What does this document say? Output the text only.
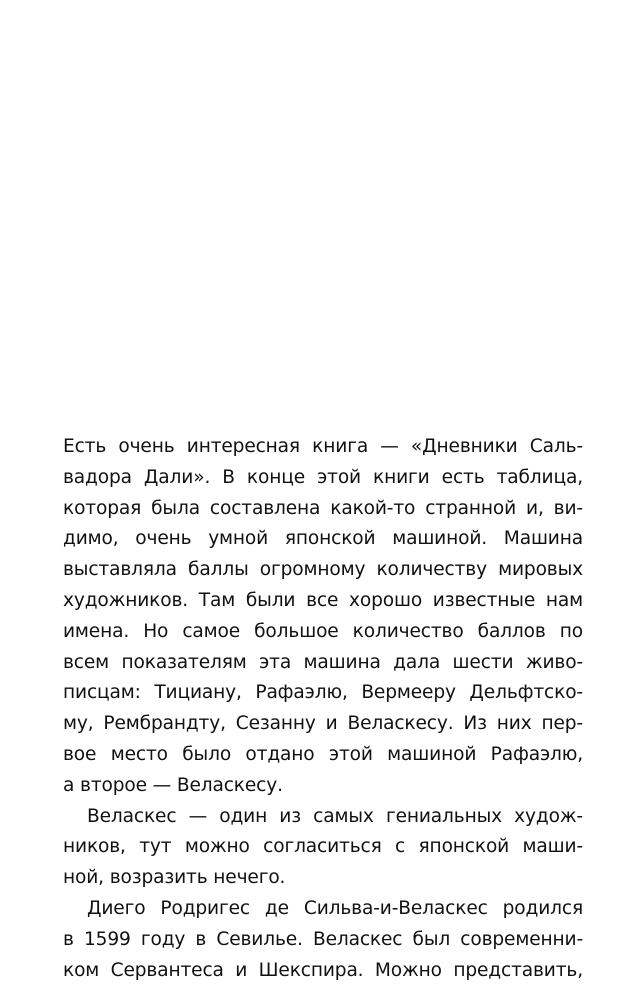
Есть очень интересная книга — «Дневники Саль-
вадора Дали». В конце этой книги есть таблица,
которая была составлена какой-то странной и, ви-
димо, очень умной японской машиной. Машина
выставляла баллы огромному количеству мировых
художников. Там были все хорошо известные нам
имена. Но самое большое количество баллов по
всем показателям эта машина дала шести живо-
писцам: Тициану, Рафаэлю, Вермееру Дельфтско-
му, Рембрандту, Сезанну и Веласкесу. Из них пер-
вое место было отдано этой машиной Рафаэлю,
а второе — Веласкесу.
Веласкес — один из самых гениальных худож-
ников, тут можно согласиться с японской маши-
ной, возразить нечего.
Диего Родригес де Сильва-и-Веласкес родился
в 1599 году в Севилье. Веласкес был современни-
ком Сервантеса и Шекспира. Можно представить,
